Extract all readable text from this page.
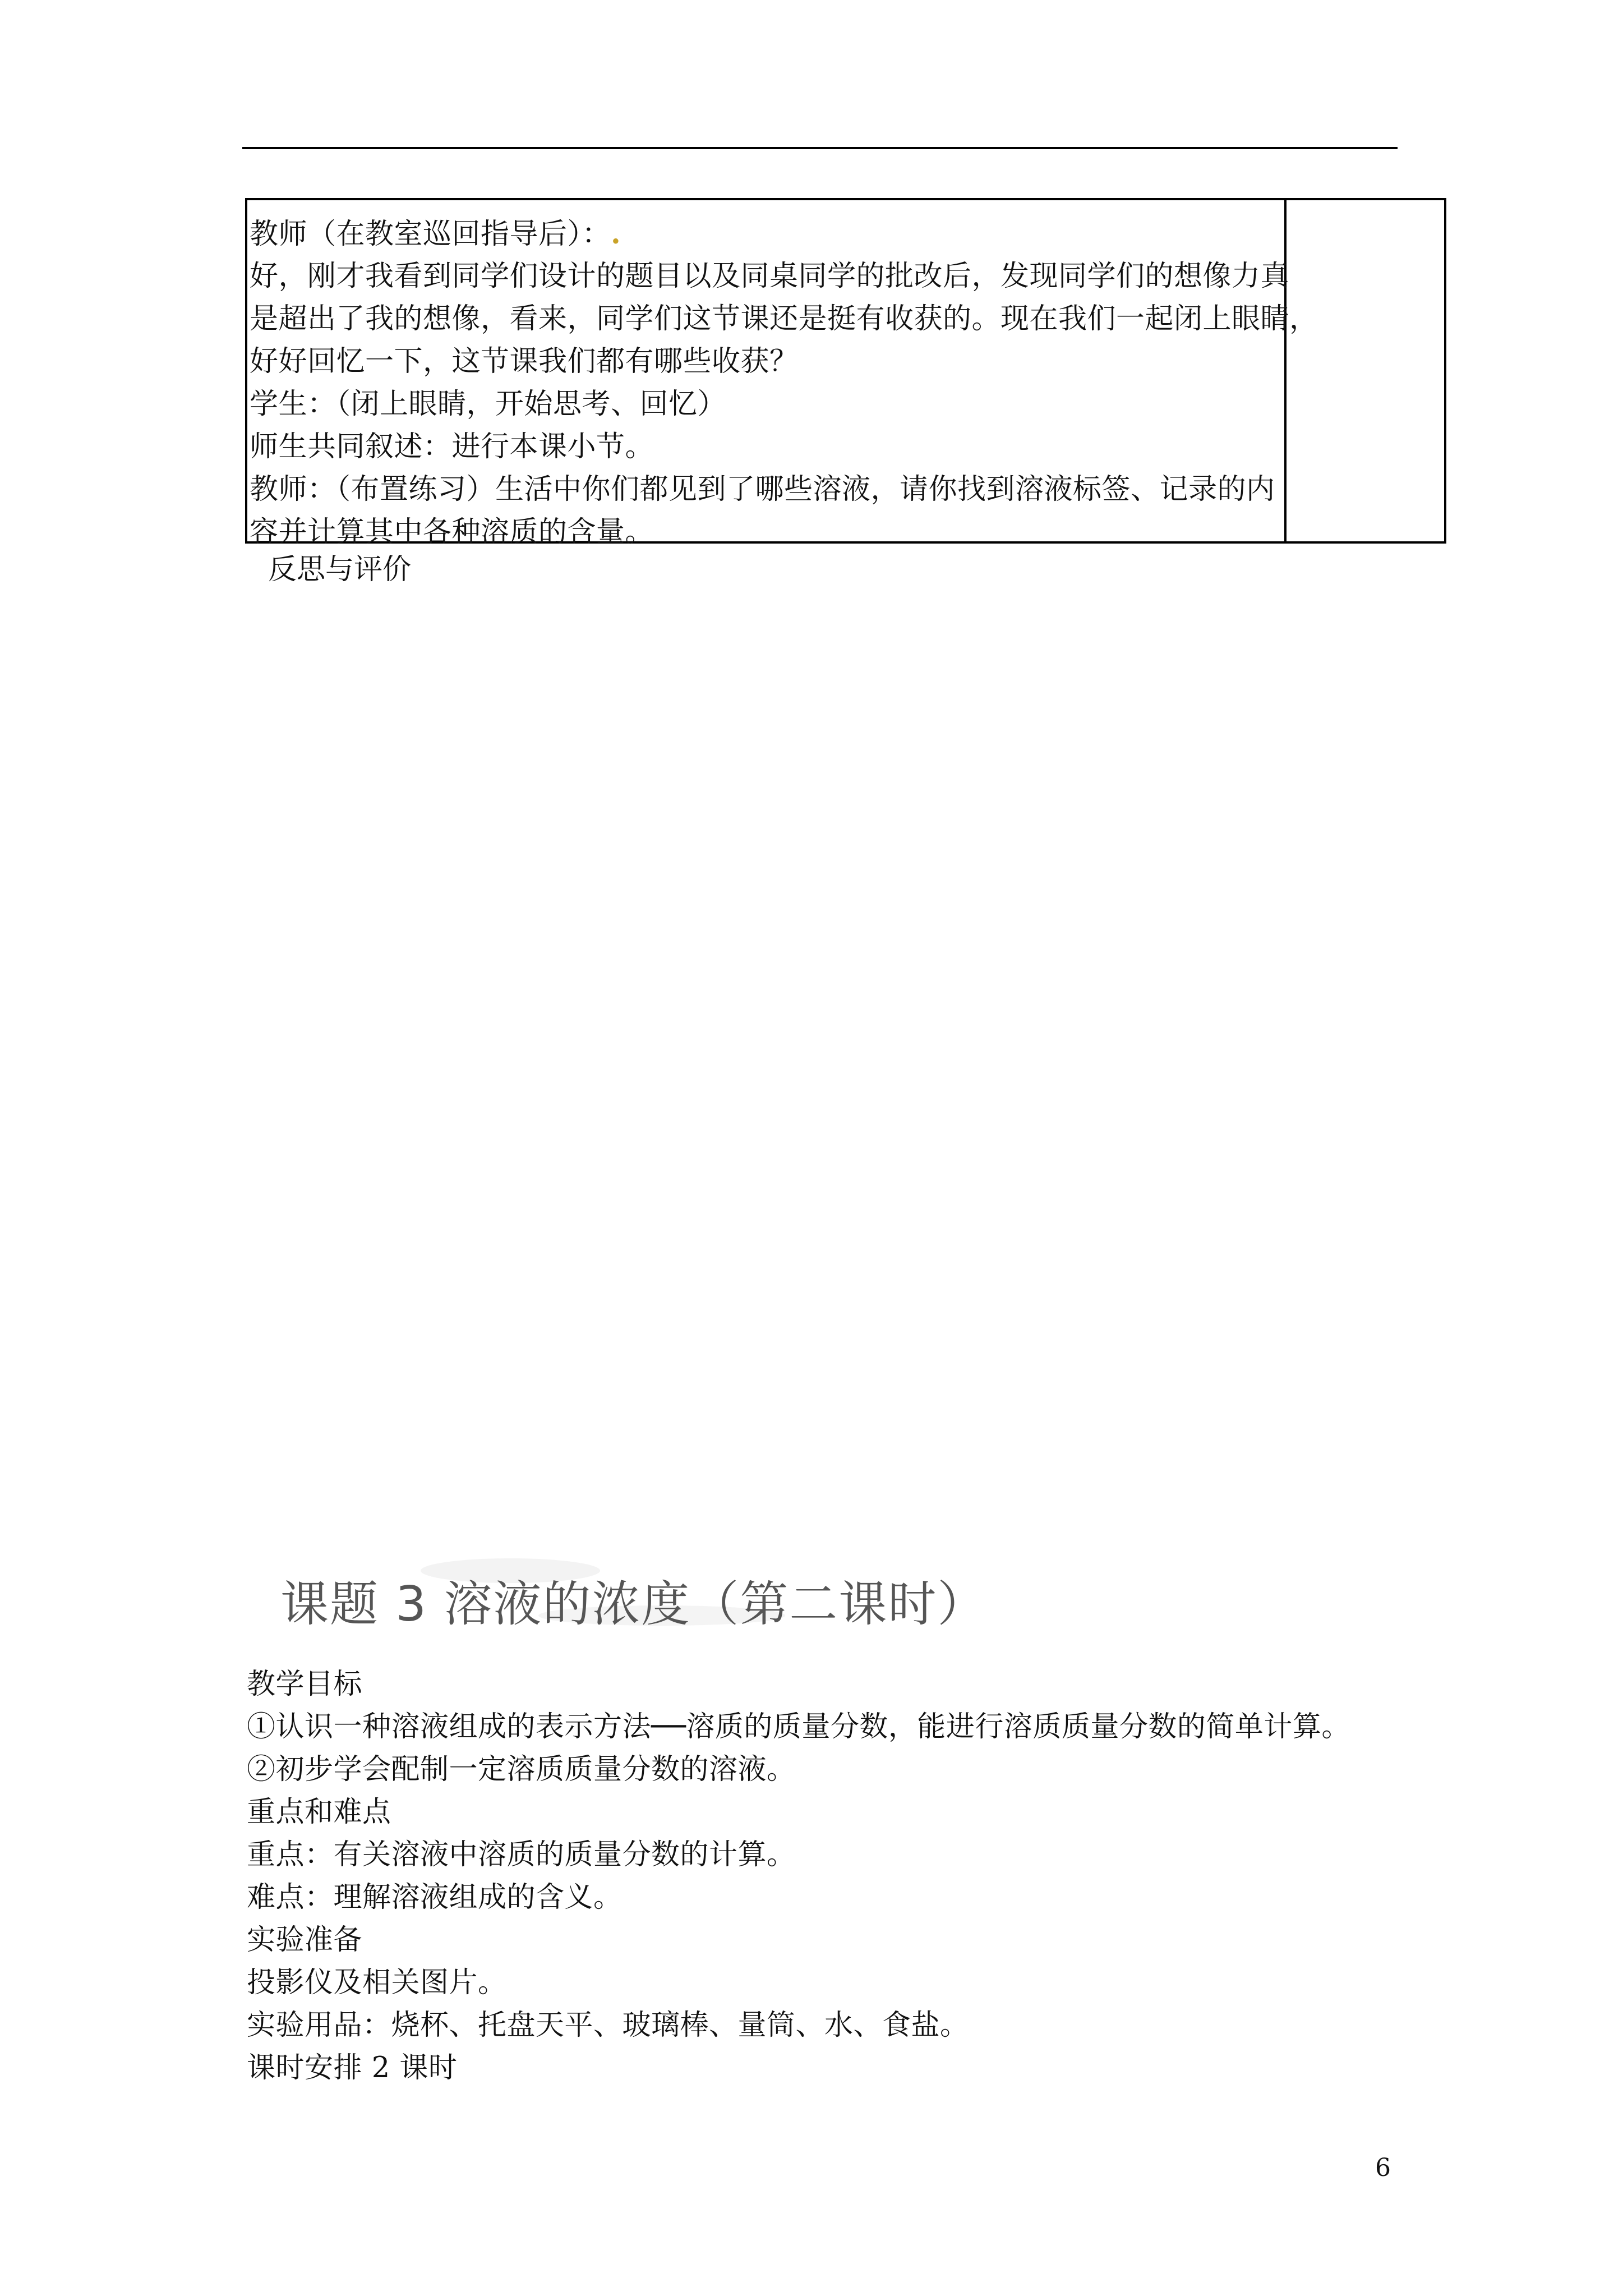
教师（在教室巡回指导后）：.
好，刚才我看到同学们设计的题目以及同桌同学的批改后，发现同学们的想像力真
是超出了我的想像，看来，同学们这节课还是挺有收获的。现在我们一起闭上眼睛，
好好回忆一下，这节课我们都有哪些收获？
学生：（闭上眼睛，开始思考、回忆）
师生共同叙述：进行本课小节。
教师：（布置练习）生活中你们都见到了哪些溶液，请你找到溶液标签、记录的内
容并计算其中各种溶质的含量。
反思与评价
课题 3 溶液的浓度（第二课时）
教学目标
①认识一种溶液组成的表示方法──溶质的质量分数，能进行溶质质量分数的简单计算。
②初步学会配制一定溶质质量分数的溶液。
重点和难点
重点：有关溶液中溶质的质量分数的计算。
难点：理解溶液组成的含义。
实验准备
投影仪及相关图片。
实验用品：烧杯、托盘天平、玻璃棒、量筒、水、食盐。
课时安排 2 课时
6
